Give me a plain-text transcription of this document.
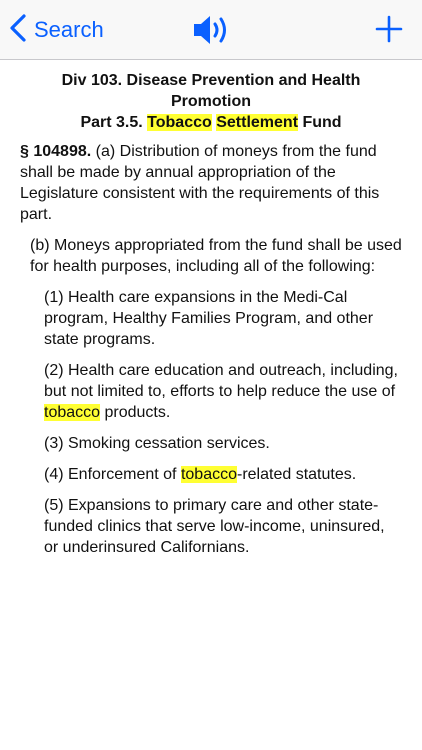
Search
Div 103. Disease Prevention and Health Promotion
Part 3.5. Tobacco Settlement Fund

§ 104898. (a) Distribution of moneys from the fund shall be made by annual appropriation of the Legislature consistent with the requirements of this part.

(b) Moneys appropriated from the fund shall be used for health purposes, including all of the following:

(1) Health care expansions in the Medi-Cal program, Healthy Families Program, and other state programs.

(2) Health care education and outreach, including, but not limited to, efforts to help reduce the use of tobacco products.

(3) Smoking cessation services.

(4) Enforcement of tobacco-related statutes.

(5) Expansions to primary care and other state-funded clinics that serve low-income, uninsured, or underinsured Californians.
